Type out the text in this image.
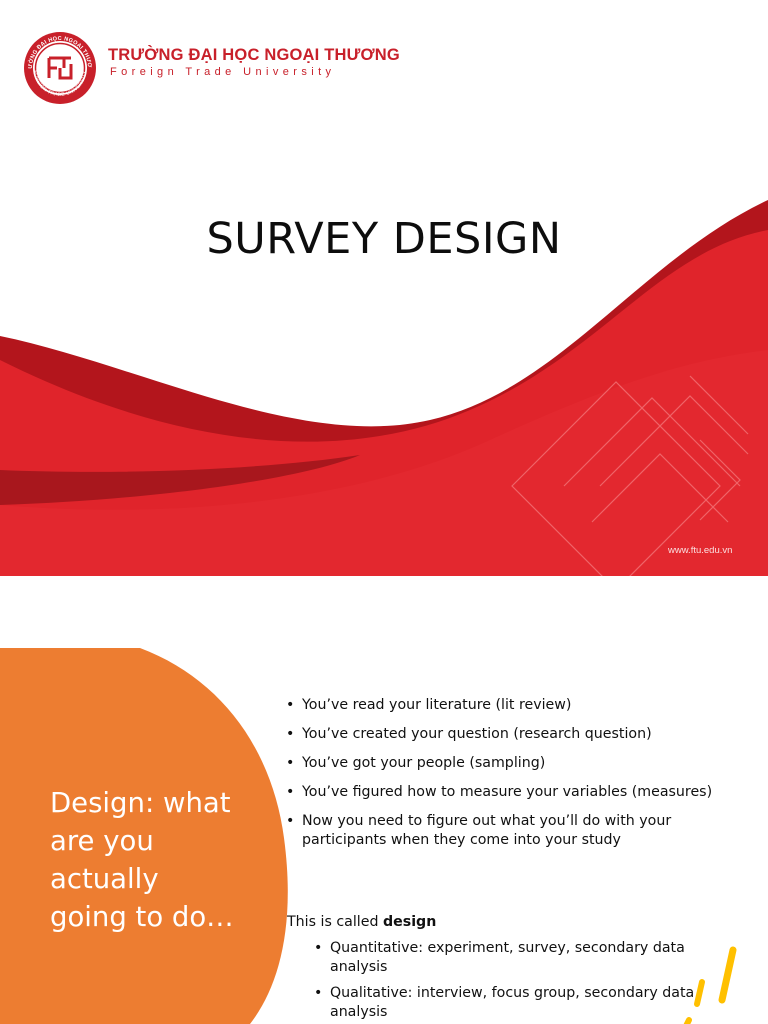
ƯỜNG ĐẠI HỌC NGOẠI THƯƠ
FOREIGN TRADE UNIVERSITY
TRƯỜNG ĐẠI HỌC NGOẠI THƯƠNG
Foreign Trade University
SURVEY DESIGN
www.ftu.edu.vn
Design: what
are you
actually
going to do…
• You’ve read your literature (lit review)
• You’ve created your question (research question)
• You’ve got your people (sampling)
• You’ve figured how to measure your variables (measures)
• Now you need to figure out what you’ll do with your participants when they come into your study
This is called design
• Quantitative: experiment, survey, secondary data analysis
• Qualitative: interview, focus group, secondary data analysis
